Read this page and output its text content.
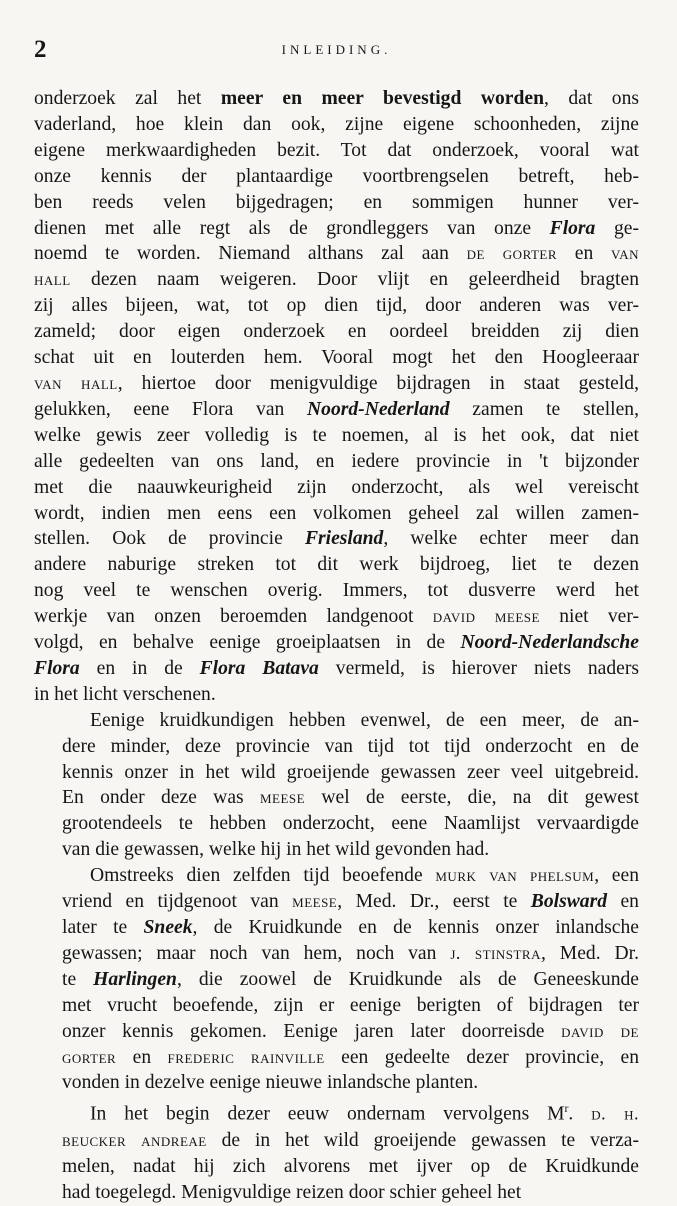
2	INLEIDING.
onderzoek zal het meer en meer bevestigd worden, dat ons
vaderland, hoe klein dan ook, zijne eigene schoonheden, zijne
eigene merkwaardigheden bezit. Tot dat onderzoek, vooral wat
onze kennis der plantaardige voortbrengselen betreft, heb-
ben reeds velen bijgedragen; en sommigen hunner ver-
dienen met alle regt als de grondleggers van onze Flora ge-
noemd te worden. Niemand althans zal aan de gorter en van
hall dezen naam weigeren. Door vlijt en geleerdheid bragten
zij alles bijeen, wat, tot op dien tijd, door anderen was ver-
zameld; door eigen onderzoek en oordeel breidden zij dien
schat uit en louterden hem. Vooral mogt het den Hoogleeraar
van hall, hiertoe door menigvuldige bijdragen in staat gesteld,
gelukken, eene Flora van Noord-Nederland zamen te stellen,
welke gewis zeer volledig is te noemen, al is het ook, dat niet
alle gedeelten van ons land, en iedere provincie in 't bijzonder
met die naauwkeurigheid zijn onderzocht, als wel vereischt
wordt, indien men eens een volkomen geheel zal willen zamen-
stellen. Ook de provincie Friesland, welke echter meer dan
andere naburige streken tot dit werk bijdroeg, liet te dezen
nog veel te wenschen overig. Immers, tot dusverre werd het
werkje van onzen beroemden landgenoot david meese niet ver-
volgd, en behalve eenige groeiplaatsen in de Noord-Nederlandsche
Flora en in de Flora Batava vermeld, is hierover niets naders
in het licht verschenen.
Eenige kruidkundigen hebben evenwel, de een meer, de an-
dere minder, deze provincie van tijd tot tijd onderzocht en de
kennis onzer in het wild groeijende gewassen zeer veel uitgebreid.
En onder deze was meese wel de eerste, die, na dit gewest
grootendeels te hebben onderzocht, eene Naamlijst vervaardigde
van die gewassen, welke hij in het wild gevonden had.
Omstreeks dien zelfden tijd beoefende murk van phelsum, een
vriend en tijdgenoot van meese, Med. Dr., eerst te Bolsward en
later te Sneek, de Kruidkunde en de kennis onzer inlandsche
gewassen; maar noch van hem, noch van j. stinstra, Med. Dr.
te Harlingen, die zoowel de Kruidkunde als de Geneeskunde
met vrucht beoefende, zijn er eenige berigten of bijdragen ter
onzer kennis gekomen. Eenige jaren later doorreisde david de
gorter en frederic rainville een gedeelte dezer provincie, en
vonden in dezelve eenige nieuwe inlandsche planten.
In het begin dezer eeuw ondernam vervolgens $M^r$. d. h.
beucker andreae de in het wild groeijende gewassen te verza-
melen, nadat hij zich alvorens met ijver op de Kruidkunde
had toegelegd. Menigvuldige reizen door schier geheel het
